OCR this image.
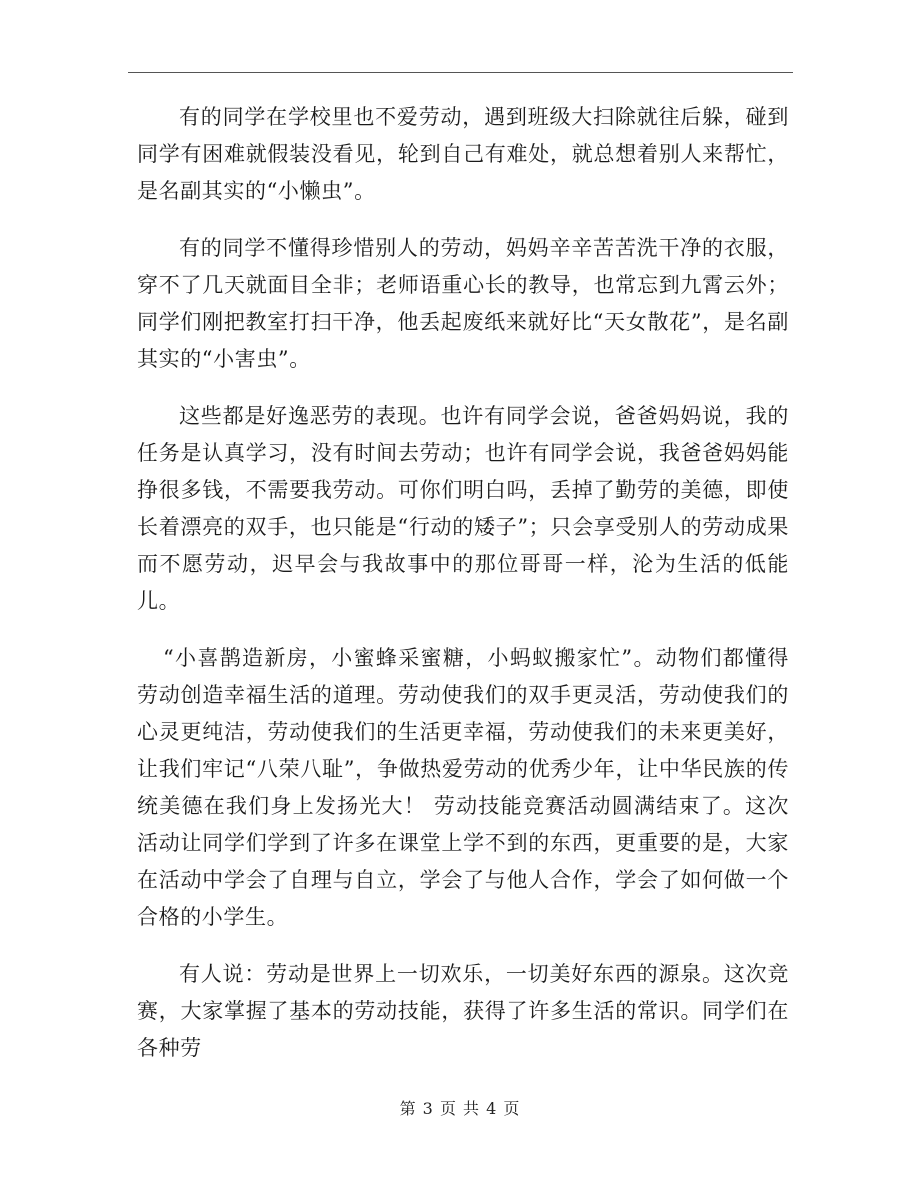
有的同学在学校里也不爱劳动，遇到班级大扫除就往后躲，碰到同学有困难就假装没看见，轮到自己有难处，就总想着别人来帮忙，是名副其实的“小懒虫”。

有的同学不懂得珍惜别人的劳动，妈妈辛辛苦苦洗干净的衣服，穿不了几天就面目全非；老师语重心长的教导，也常忘到九霄云外；同学们刚把教室打扫干净，他丢起废纸来就好比“天女散花”，是名副其实的“小害虫”。

这些都是好逸恶劳的表现。也许有同学会说，爸爸妈妈说，我的任务是认真学习，没有时间去劳动；也许有同学会说，我爸爸妈妈能挣很多钱，不需要我劳动。可你们明白吗，丢掉了勤劳的美德，即使长着漂亮的双手，也只能是“行动的矮子”；只会享受别人的劳动成果而不愿劳动，迟早会与我故事中的那位哥哥一样，沦为生活的低能儿。

“小喜鹊造新房，小蜜蜂采蜜糖，小蚂蚁搬家忙”。动物们都懂得劳动创造幸福生活的道理。劳动使我们的双手更灵活，劳动使我们的心灵更纯洁，劳动使我们的生活更幸福，劳动使我们的未来更美好，让我们牢记“八荣八耻”，争做热爱劳动的优秀少年，让中华民族的传统美德在我们身上发扬光大！ 劳动技能竞赛活动圆满结束了。这次活动让同学们学到了许多在课堂上学不到的东西，更重要的是，大家在活动中学会了自理与自立，学会了与他人合作，学会了如何做一个合格的小学生。

有人说：劳动是世界上一切欢乐，一切美好东西的源泉。这次竞赛，大家掌握了基本的劳动技能，获得了许多生活的常识。同学们在各种劳

第 3 页 共 4 页
